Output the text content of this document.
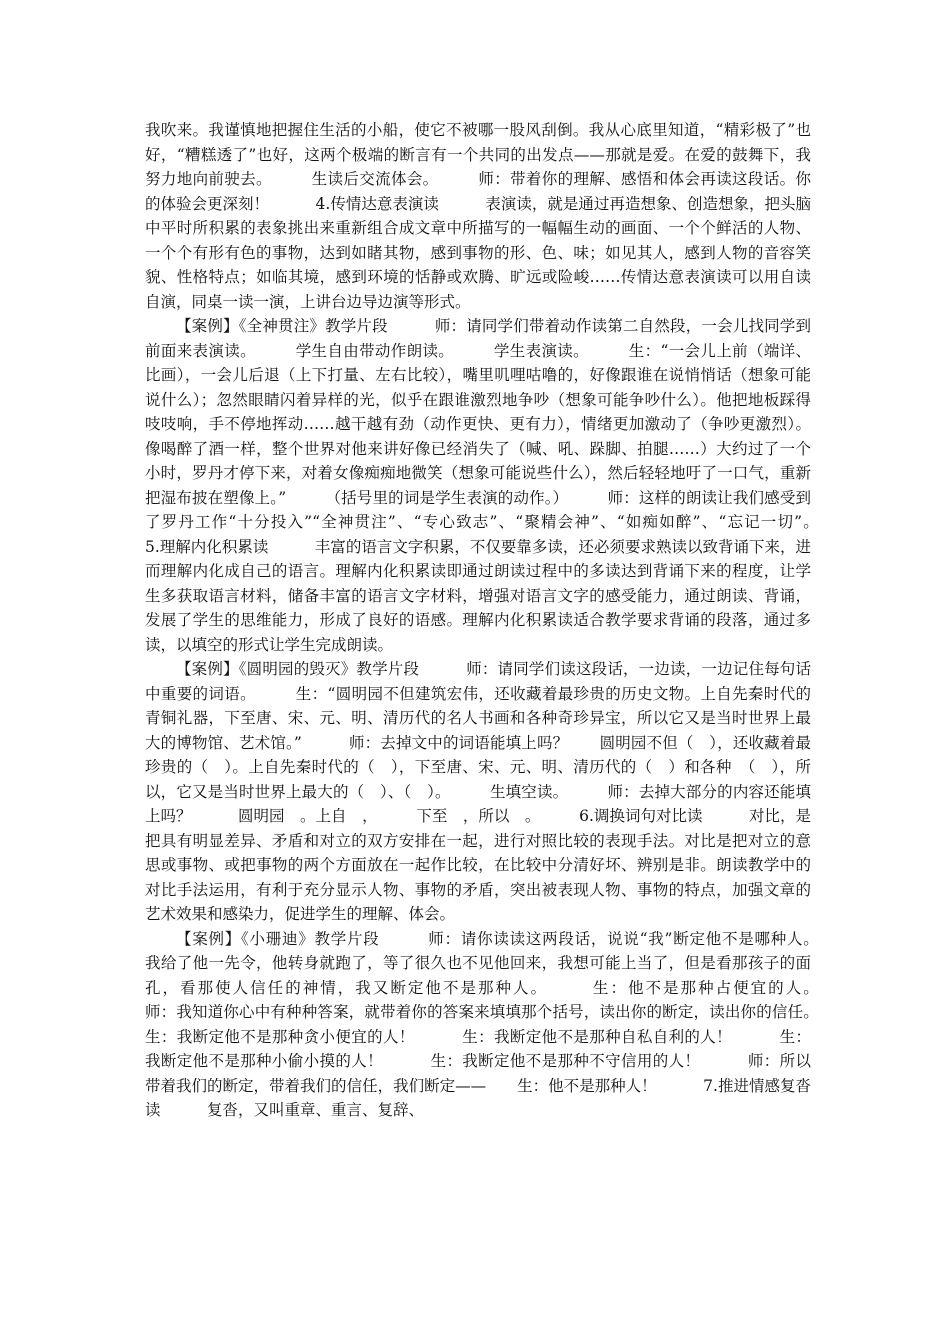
我吹来。我谨慎地把握住生活的小船，使它不被哪一股风刮倒。我从心底里知道，“精彩极了”也好，“糟糕透了”也好，这两个极端的断言有一个共同的出发点——那就是爱。在爱的鼓舞下，我努力地向前驶去。　　　生读后交流体会。　　　师：带着你的理解、感悟和体会再读这段话。你的体验会更深刻！　　　4.传情达意表演读　　　表演读，就是通过再造想象、创造想象，把头脑中平时所积累的表象挑出来重新组合成文章中所描写的一幅幅生动的画面、一个个鲜活的人物、一个个有形有色的事物，达到如睹其物，感到事物的形、色、味；如见其人，感到人物的音容笑貌、性格特点；如临其境，感到环境的恬静或欢腾、旷远或险峻……传情达意表演读可以用自读自演，同桌一读一演，上讲台边导边演等形式。

【案例】《全神贯注》教学片段　　　师：请同学们带着动作读第二自然段，一会儿找同学到前面来表演读。　　　学生自由带动作朗读。　　　学生表演读。　　　生：“一会儿上前（端详、比画），一会儿后退（上下打量、左右比较），嘴里叽哩咕噜的，好像跟谁在说悄悄话（想象可能说什么）；忽然眼睛闪着异样的光，似乎在跟谁激烈地争吵（想象可能争吵什么）。他把地板踩得吱吱响，手不停地挥动……越干越有劲（动作更快、更有力），情绪更加激动了（争吵更激烈）。像喝醉了酒一样，整个世界对他来讲好像已经消失了（喊、吼、跺脚、拍腿……）大约过了一个小时，罗丹才停下来，对着女像痴痴地微笑（想象可能说些什么），然后轻轻地吁了一口气，重新把湿布披在塑像上。”　　　（括号里的词是学生表演的动作。）　　　师：这样的朗读让我们感受到了罗丹工作“十分投入”“全神贯注”、“专心致志”、“聚精会神”、“如痴如醉”、“忘记一切”。　　　5.理解内化积累读　　　丰富的语言文字积累，不仅要靠多读，还必须要求熟读以致背诵下来，进而理解内化成自己的语言。理解内化积累读即通过朗读过程中的多读达到背诵下来的程度，让学生多获取语言材料，储备丰富的语言文字材料，增强对语言文字的感受能力，通过朗读、背诵，发展了学生的思维能力，形成了良好的语感。理解内化积累读适合教学要求背诵的段落，通过多读，以填空的形式让学生完成朗读。

【案例】《圆明园的毁灭》教学片段　　　师：请同学们读这段话，一边读，一边记住每句话中重要的词语。　　　生：“圆明园不但建筑宏伟，还收藏着最珍贵的历史文物。上自先秦时代的青铜礼器，下至唐、宋、元、明、清历代的名人书画和各种奇珍异宝，所以它又是当时世界上最大的博物馆、艺术馆。”　　　师：去掉文中的词语能填上吗？　　圆明园不但（　），还收藏着最珍贵的（　）。上自先秦时代的（　），下至唐、宋、元、明、清历代的（　）和各种　（　），所以，它又是当时世界上最大的（　）、（　）。　　　生填空读。　　　师：去掉大部分的内容还能填上吗？　　　圆明园　。上自　，　　　下至　，所以　。　　　6.调换词句对比读　　　对比，是把具有明显差异、矛盾和对立的双方安排在一起，进行对照比较的表现手法。对比是把对立的意思或事物、或把事物的两个方面放在一起作比较，在比较中分清好坏、辨别是非。朗读教学中的对比手法运用，有利于充分显示人物、事物的矛盾，突出被表现人物、事物的特点，加强文章的艺术效果和感染力，促进学生的理解、体会。

【案例】《小珊迪》教学片段　　　师：请你读读这两段话，说说“我”断定他不是哪种人。　　　我给了他一先令，他转身就跑了，等了很久也不见他回来，我想可能上当了，但是看那孩子的面孔，看那使人信任的神情，我又断定他不是那种人。　　　生：他不是那种占便宜的人。　　　师：我知道你心中有种种答案，就带着你的答案来填填那个括号，读出你的断定，读出你的信任。　　　生：我断定他不是那种贪小便宜的人！　　　生：我断定他不是那种自私自利的人！　　　生：我断定他不是那种小偷小摸的人！　　　生：我断定他不是那种不守信用的人！　　　师：所以带着我们的断定，带着我们的信任，我们断定——　　生：他不是那种人！　　　7.推进情感复沓读　　　复沓，又叫重章、重言、复辞、
